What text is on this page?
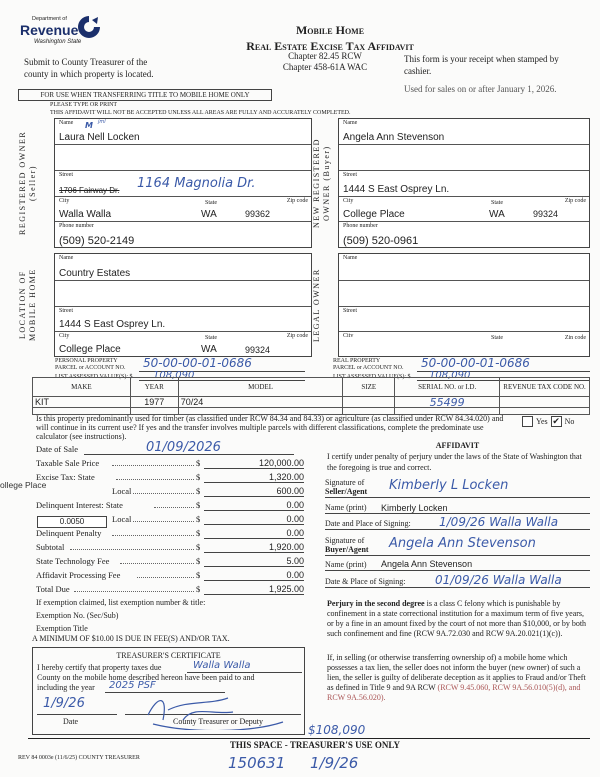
Department of
Revenue
Washington State
Mobile Home
Real Estate Excise Tax Affidavit
Submit to County Treasurer of the
county in which property is located.
Chapter 82.45 RCW
Chapter 458-61A WAC
This form is your receipt when stamped by
cashier.
Used for sales on or after January 1, 2026.
FOR USE WHEN TRANSFERRING TITLE TO MOBILE HOME ONLY
PLEASE TYPE OR PRINT
THIS AFFIDAVIT WILL NOT BE ACCEPTED UNLESS ALL AREAS ARE FULLY AND ACCURATELY COMPLETED.
REGISTERED OWNER (Seller)
Name
Laura Nell Locken
M jml
Street
1706 Fairway Dr. 1164 Magnolia Dr.
City
Walla Walla
State
WA
Zip code
99362
Phone number
(509) 520-2149
NEW REGISTERED OWNER (Buyer)
Name
Angela Ann Stevenson
Street
1444 S East Osprey Ln.
City
College Place
State
WA
Zip code
99324
Phone number
(509) 520-0961
LOCATION OF MOBILE HOME
Name
Country Estates
Street
1444 S East Osprey Ln.
City
College Place
State
WA
Zip code
99324
LEGAL OWNER
Name
Street
Citv	State	Zin code
PERSONAL PROPERTY
PARCEL or ACCOUNT NO.
LIST ASSESSED VALUE(S): $
50-00-00-01-0686
108,090
REAL PROPERTY
PARCEL or ACCOUNT NO.
LIST ASSESSED VALUE(S): $
50-00-00-01-0686
108,090
MAKE	YEAR	MODEL	SIZE	SERIAL NO. or I.D.	REVENUE TAX CODE NO.
KIT	1977	70/24		55499	

Is this property predominantly used for timber (as classified under RCW 84.34 and 84.33) or agriculture (as classified under RCW 84.34.020) and will continue in its current use? If yes and the transfer involves multiple parcels with different classifications, complete the predominate use calculator (see instructions).
Yes ✔ No
Date of Sale	01/09/2026
ollege Place
Taxable Sale Price	$	120,000.00
Excise Tax: State	$	1,320.00
Local	$	600.00
Delinquent Interest: State	$	0.00
Local	$	0.00
Delinquent Penalty	$	0.00
Subtotal	$	1,920.00
State Technology Fee	$	5.00
Affidavit Processing Fee	$	0.00
Total Due	$	1,925.00
0.0050
If exemption claimed, list exemption number & title:
Exemption No. (Sec/Sub)
Exemption Title
A MINIMUM OF $10.00 IS DUE IN FEE(S) AND/OR TAX.
AFFIDAVIT
I certify under penalty of perjury under the laws of the State of Washington that the foregoing is true and correct.
Signature of
Seller/Agent Kimberly L Locken
Name (print) Kimberly Locken
Date and Place of Signing: 1/09/26 Walla Walla
Signature of
Buyer/Agent Angela Ann Stevenson
Name (print) Angela Ann Stevenson
Date & Place of Signing: 01/09/26 Walla Walla
Perjury in the second degree is a class C felony which is punishable by confinement in a state correctional institution for a maximum term of five years, or by a fine in an amount fixed by the court of not more than $10,000, or by both such confinement and fine (RCW 9A.72.030 and RCW 9A.20.021(1)(c)).
If, in selling (or otherwise transferring ownership of) a mobile home which possesses a tax lien, the seller does not inform the buyer (new owner) of such a lien, the seller is guilty of deliberate deception as it applies to Fraud and/or Theft as defined in Title 9 and 9A RCW (RCW 9.45.060, RCW 9A.56.010(5)(d), and RCW 9A.56.020).
TREASURER'S CERTIFICATE
I hereby certify that property taxes due	Walla Walla
County on the mobile home described hereon have been paid to and
including the year 2025 PSF
1/9/26
Date	County Treasurer or Deputy
$108,090
THIS SPACE - TREASURER'S USE ONLY
REV 84 0003e (11/6/25) COUNTY TREASURER	150631 1/9/26
